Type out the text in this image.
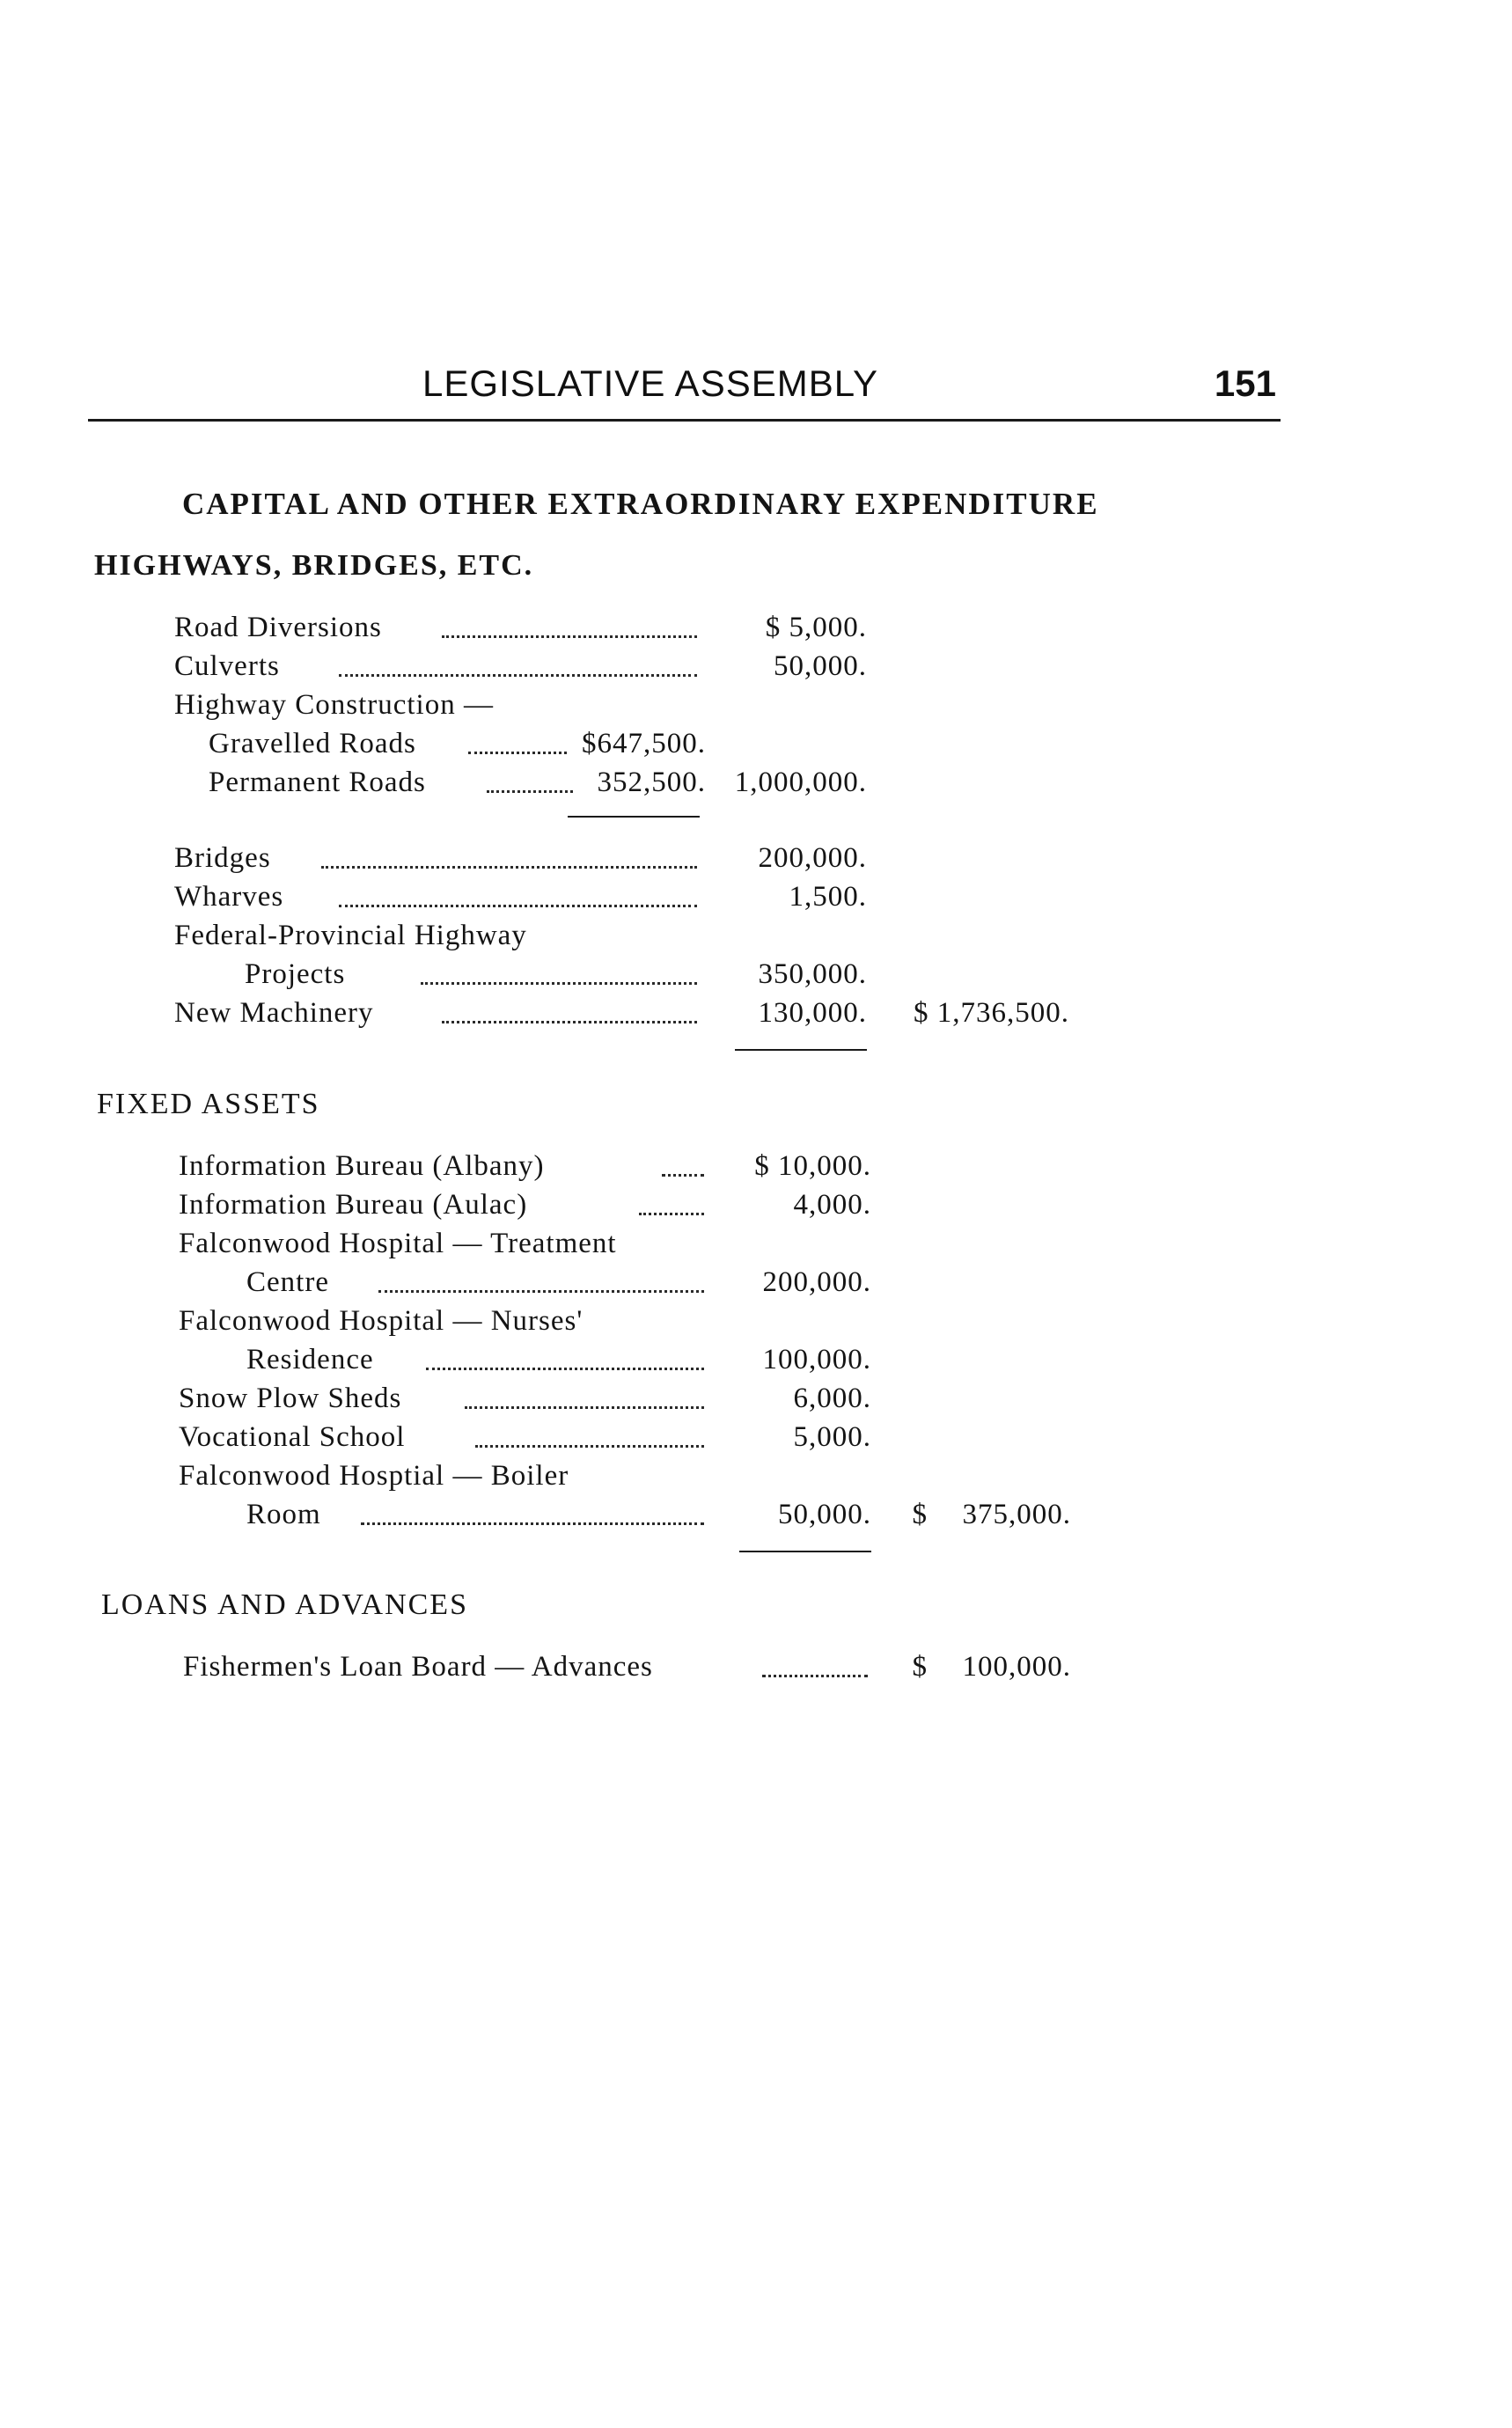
LEGISLATIVE ASSEMBLY	151
CAPITAL AND OTHER EXTRAORDINARY EXPENDITURE
HIGHWAYS, BRIDGES, ETC.
Road Diversions	$ 5,000.
Culverts	50,000.
Highway Construction —
Gravelled Roads	$647,500.
Permanent Roads	352,500. 1,000,000.
Bridges	200,000.
Wharves	1,500.
Federal-Provincial Highway
Projects	350,000.
New Machinery	130,000.	$ 1,736,500.
FIXED ASSETS
Information Bureau (Albany)	$ 10,000.
Information Bureau (Aulac)	4,000.
Falconwood Hospital — Treatment
Centre	200,000.
Falconwood Hospital — Nurses'
Residence	100,000.
Snow Plow Sheds	6,000.
Vocational School	5,000.
Falconwood Hosptial — Boiler
Room	50,000. $	375,000.
LOANS AND ADVANCES
Fishermen's Loan Board — Advances	$	100,000.
